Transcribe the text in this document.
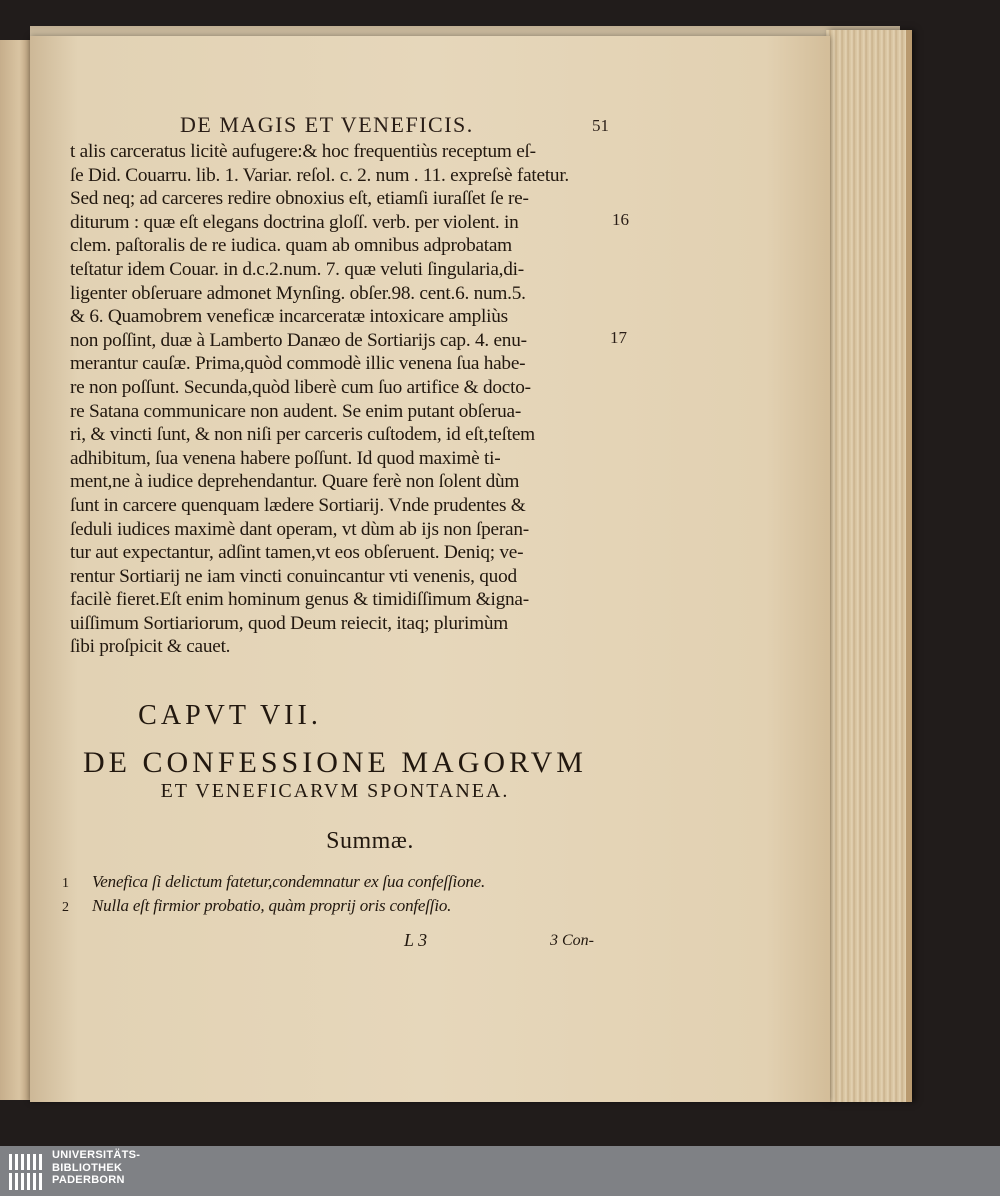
DE MAGIS ET VENEFICIS.	51
t alis carceratus licitè aufugere:& hoc frequentiùs receptum eſ-
ſe Did. Couarru. lib. 1. Variar. reſol. c. 2. num . 11. expreſsè fatetur.
Sed neq; ad carceres redire obnoxius eſt, etiamſi iuraſſet ſe re-
diturum : quæ eſt elegans doctrina gloſſ. verb. per violent. in
clem. paſtoralis de re iudica. quam ab omnibus adprobatam
teſtatur idem Couar. in d.c.2.num. 7. quæ veluti ſingularia,di-
ligenter obſeruare admonet Mynſing. obſer.98. cent.6. num.5.
& 6. Quamobrem veneficæ incarceratæ intoxicare ampliùs
non poſſint, duæ à Lamberto Danæo de Sortiarijs cap. 4. enu-
merantur cauſæ. Prima,quòd commodè illic venena ſua habe-
re non poſſunt. Secunda,quòd liberè cum ſuo artifice & docto-
re Satana communicare non audent. Se enim putant obſerua-
ri, & vincti ſunt, & non niſi per carceris cuſtodem, id eſt,teſtem
adhibitum, ſua venena habere poſſunt. Id quod maximè ti-
ment,ne à iudice deprehendantur. Quare ferè non ſolent dùm
ſunt in carcere quenquam lædere Sortiarij. Vnde prudentes &
ſeduli iudices maximè dant operam, vt dùm ab ijs non ſperan-
tur aut expectantur, adſint tamen,vt eos obſeruent. Deniq; ve-
rentur Sortiarij ne iam vincti conuincantur vti venenis, quod
facilè fieret.Eſt enim hominum genus & timidiſſimum &igna-
uiſſimum Sortiariorum, quod Deum reiecit, itaq; plurimùm
ſibi proſpicit & cauet.
16
17
CAPVT VII.
DE CONFESSIONE MAGORVM
ET VENEFICARVM SPONTANEA.
Summæ.
1	Venefica ſi delictum fatetur,condemnatur ex ſua confeſſione.
2	Nulla eſt firmior probatio, quàm proprij oris confeſſio.
L 3	3 Con-
UNIVERSITÄTS-
BIBLIOTHEK
PADERBORN
